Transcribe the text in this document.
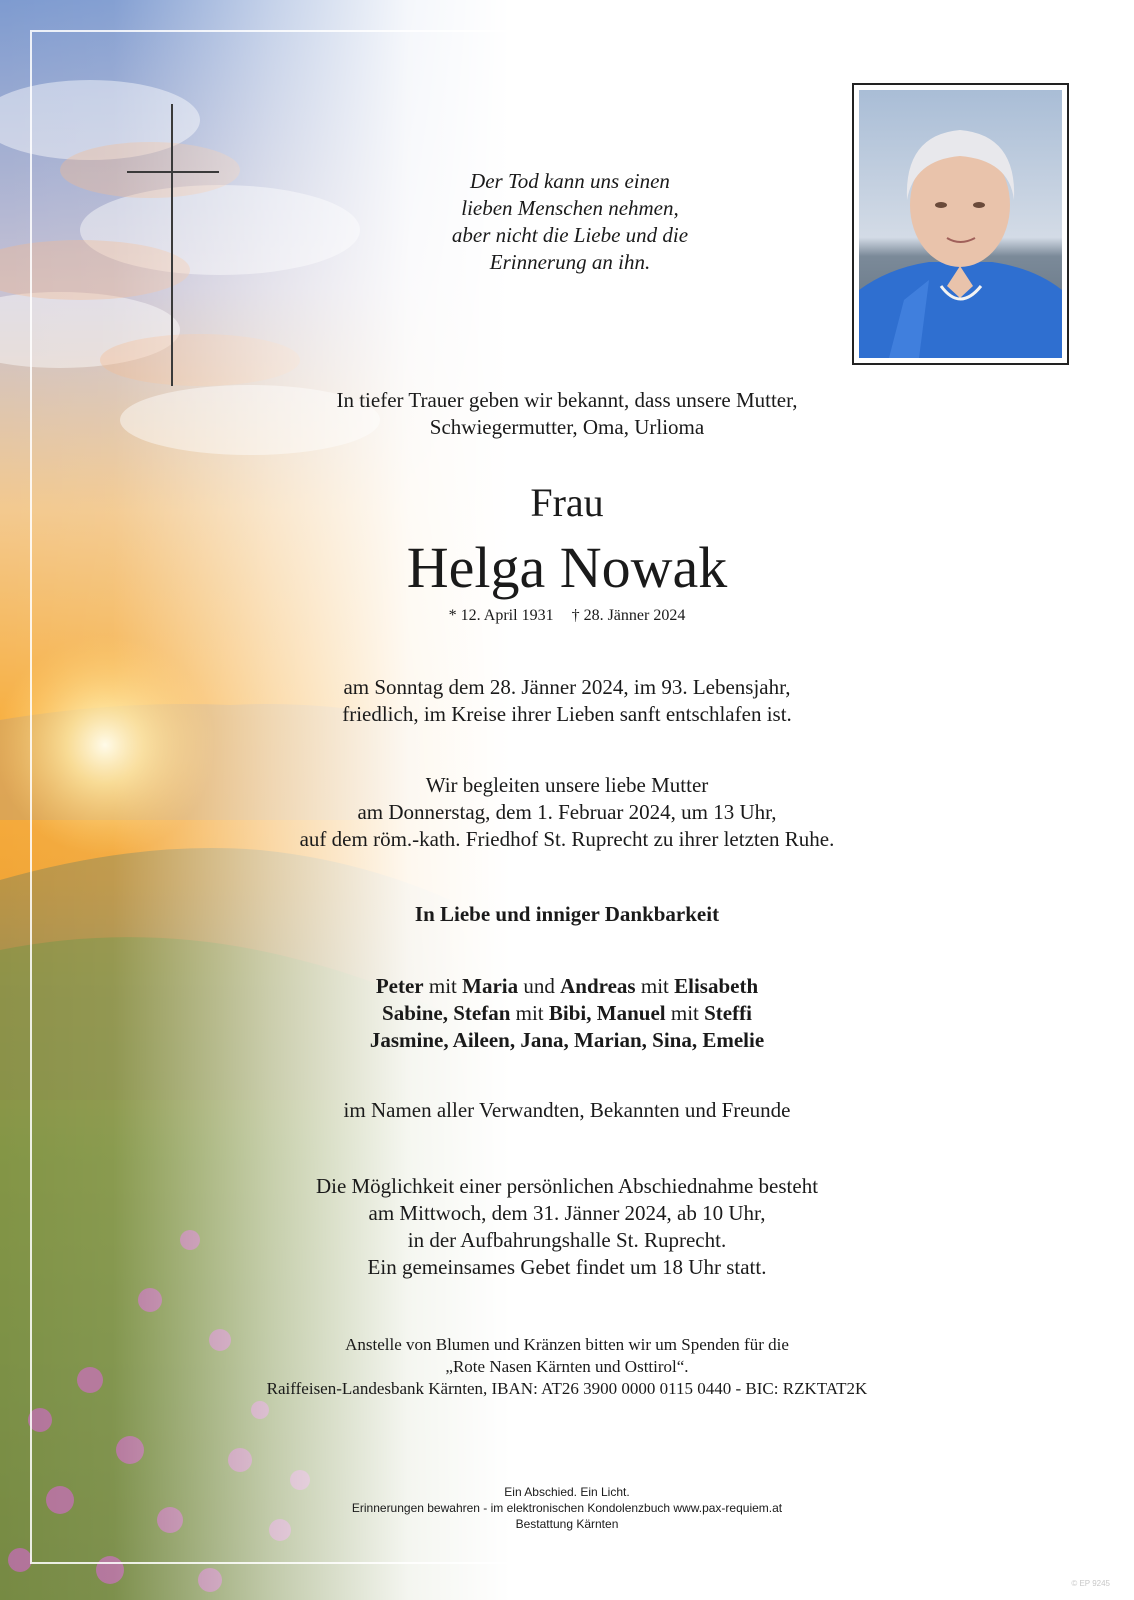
Der Tod kann uns einen
lieben Menschen nehmen,
aber nicht die Liebe und die
Erinnerung an ihn.
In tiefer Trauer geben wir bekannt, dass unsere Mutter,
Schwiegermutter, Oma, Urlioma
Frau
Helga Nowak
* 12. April 1931 † 28. Jänner 2024
am Sonntag dem 28. Jänner 2024, im 93. Lebensjahr,
friedlich, im Kreise ihrer Lieben sanft entschlafen ist.
Wir begleiten unsere liebe Mutter
am Donnerstag, dem 1. Februar 2024, um 13 Uhr,
auf dem röm.-kath. Friedhof St. Ruprecht zu ihrer letzten Ruhe.
In Liebe und inniger Dankbarkeit
Peter mit Maria und Andreas mit Elisabeth
Sabine, Stefan mit Bibi, Manuel mit Steffi
Jasmine, Aileen, Jana, Marian, Sina, Emelie
im Namen aller Verwandten, Bekannten und Freunde
Die Möglichkeit einer persönlichen Abschiednahme besteht
am Mittwoch, dem 31. Jänner 2024, ab 10 Uhr,
in der Aufbahrungshalle St. Ruprecht.
Ein gemeinsames Gebet findet um 18 Uhr statt.
Anstelle von Blumen und Kränzen bitten wir um Spenden für die
„Rote Nasen Kärnten und Osttirol“.
Raiffeisen-Landesbank Kärnten, IBAN: AT26 3900 0000 0115 0440 - BIC: RZKTAT2K
Ein Abschied. Ein Licht.
Erinnerungen bewahren - im elektronischen Kondolenzbuch www.pax-requiem.at
Bestattung Kärnten
© EP 9245
